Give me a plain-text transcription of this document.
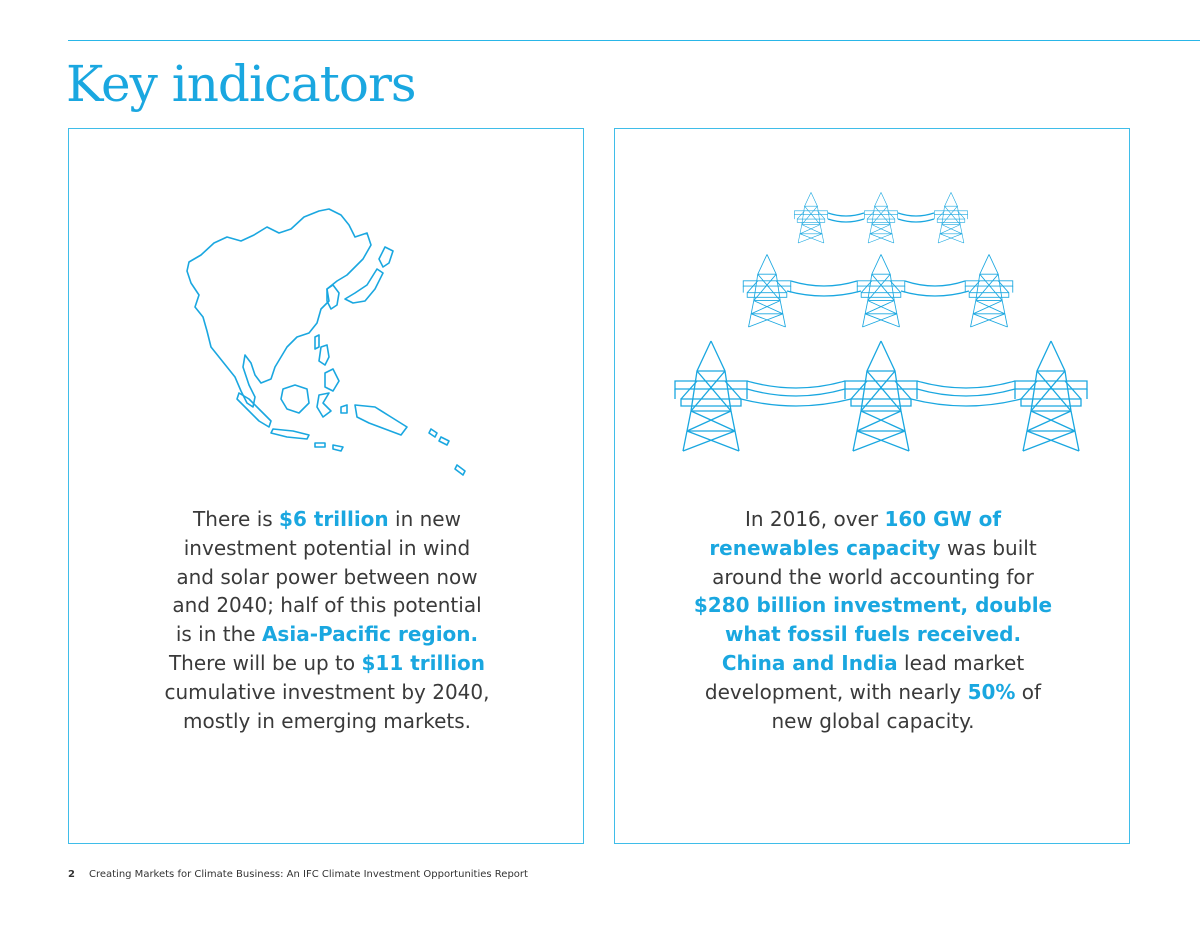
Key indicators

There is $6 trillion in new
investment potential in wind
and solar power between now
and 2040; half of this potential
is in the Asia-Pacific region.
There will be up to $11 trillion
cumulative investment by 2040,
mostly in emerging markets.

In 2016, over 160 GW of
renewables capacity was built
around the world accounting for
$280 billion investment, double
what fossil fuels received.
China and India lead market
development, with nearly 50% of
new global capacity.

2 Creating Markets for Climate Business: An IFC Climate Investment Opportunities Report
